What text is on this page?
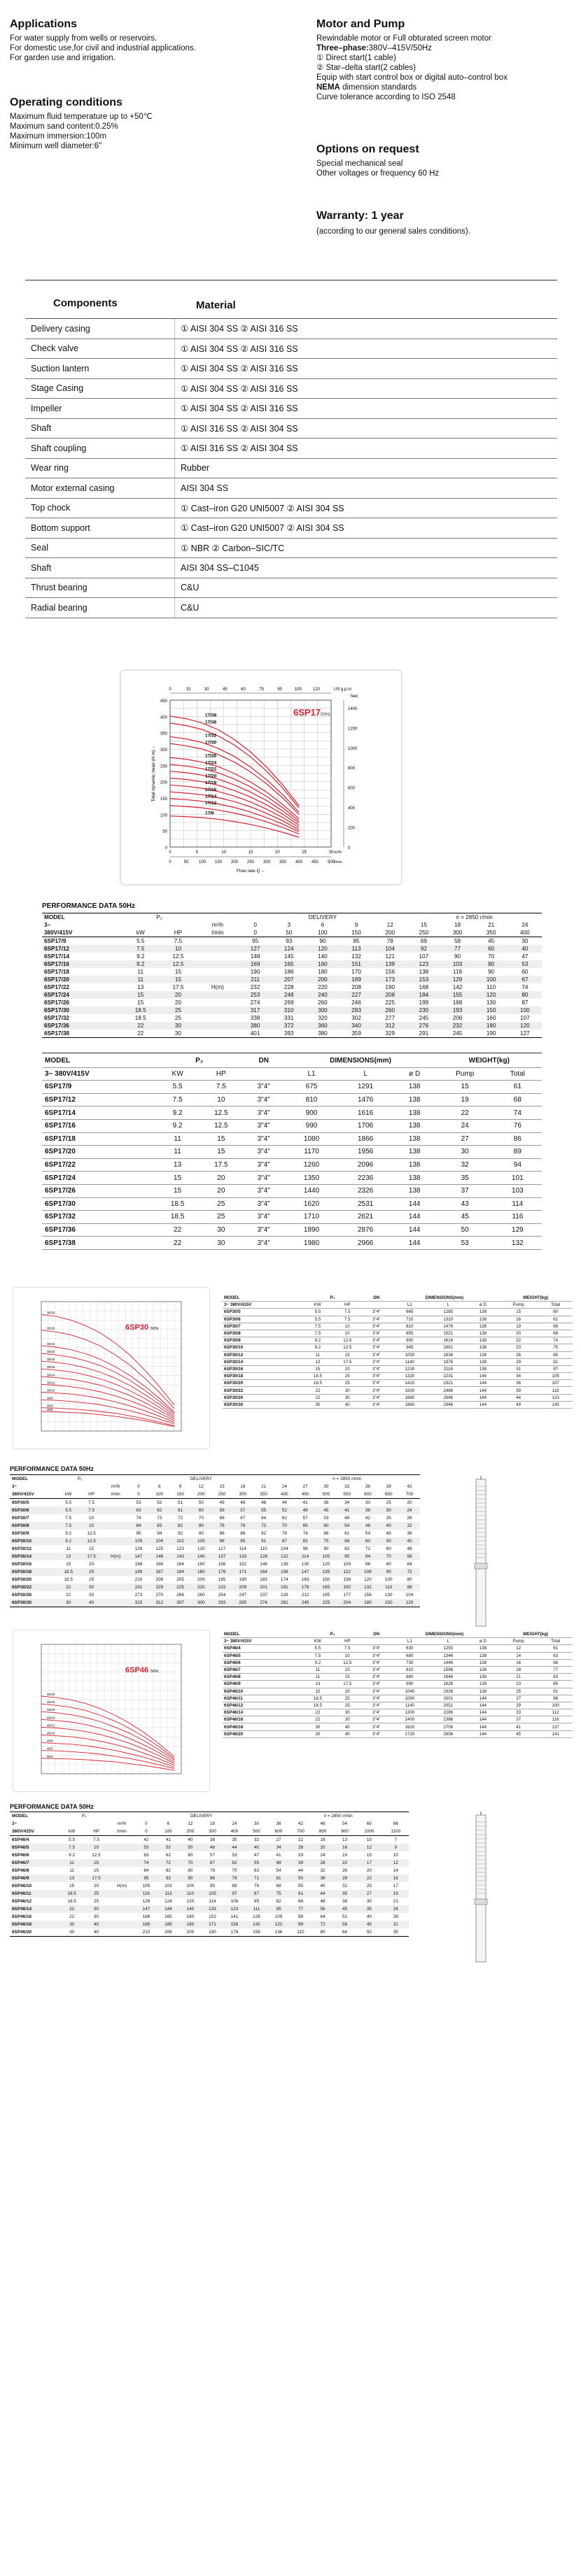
Applications
For water supply from wells or reservoirs.
For domestic use,for civil and industrial applications.
For garden use and irrigation.
Operating conditions
Maximum fluid temperature up to +50℃
Maximum sand content:0.25%
Maximum immersion:100m
Minimum well diameter:6"
Motor and Pump
Rewindable motor or Full obturated screen motor
Three–phase:380V–415V/50Hz
① Direct start(1 cable)
② Star–delta start(2 cables)
Equip with start control box or digital auto–control box
NEMA dimension standards
Curve tolerance according to ISO 2548
Options on request
Special mechanical seal
Other voltages or frequency 60 Hz
Warranty: 1 year
(according to our general sales conditions).
Components	Material
Delivery casing	① AISI 304 SS ② AISI 316 SS
Check valve	① AISI 304 SS ② AISI 316 SS
Suction lantern	① AISI 304 SS ② AISI 316 SS
Stage Casing	① AISI 304 SS ② AISI 316 SS
Impeller	① AISI 304 SS ② AISI 316 SS
Shaft	① AISI 316 SS ② AISI 304 SS
Shaft coupling	① AISI 316 SS ② AISI 304 SS
Wear ring	Rubber
Motor external casing	AISI 304 SS
Top chock	① Cast–iron G20 UNI5007 ② AISI 304 SS
Bottom support	① Cast–iron G20 UNI5007 ② AISI 304 SS
Seal	① NBR ② Carbon–SIC/TC
Shaft	AISI 304 SS–C1045
Thrust bearing	C&U
Radial bearing	C&U
0
50
100
150
200
250
300
350
400
450
0
200
400
600
800
1000
1200
1400
feet
0	15	30	45	60	75	90	105	120	US g.p.m
0	5	10	15	20	25	30 m³/h
0	50 100 150 200 250 300 350 400 450 500
l/min
Flow rate Q→
Total dynamic head (H.m)→
6SP17 50Hz
17/38
17/36
17/32
17/30
17/26
17/24
17/22
17/20
17/18
17/16
17/14
17/12
17/9
PERFORMANCE DATA 50Hz
MODEL	P₂			DELIVERY					n = 2850 r/min			
3~			m³/h	0	3	6	9	12	15	18	21	24
380V/415V	kW	HP	l/min	0	50	100	150	200	250	300	350	400
6SP17/9	5.5	7.5		95	93	90	85	78	69	58	45	30
6SP17/12	7.5	10		127	124	120	113	104	92	77	60	40
6SP17/14	9.2	12.5		148	145	140	132	121	107	90	70	47
6SP17/16	9.2	12.5		169	165	160	151	139	123	103	80	53
6SP17/18	11	15		190	186	180	170	156	138	116	90	60
6SP17/20	11	15		211	207	200	189	173	153	129	100	67
6SP17/22	13	17.5	H(m)	232	228	220	208	190	168	142	110	74
6SP17/24	15	20		253	248	240	227	208	184	155	120	80
6SP17/26	15	20		274	269	260	246	225	199	168	130	87
6SP17/30	18.5	25		317	310	300	283	260	230	193	150	100
6SP17/32	18.5	25		338	331	320	302	277	245	206	160	107
6SP17/36	22	30		380	372	360	340	312	276	232	180	120
6SP17/38	22	30		401	393	380	359	329	291	245	190	127
MODEL	P₂		DN	DIMENSIONS(mm)			WEIGHT(kg)	
3~ 380V/415V	KW	HP		L1	L	ø D	Pump	Total
6SP17/9	5.5	7.5	3"4"	675	1291	138	15	61
6SP17/12	7.5	10	3"4"	810	1476	138	19	68
6SP17/14	9.2	12.5	3"4"	900	1616	138	22	74
6SP17/16	9.2	12.5	3"4"	990	1706	138	24	76
6SP17/18	11	15	3"4"	1080	1866	138	27	86
6SP17/20	11	15	3"4"	1170	1956	138	30	89
6SP17/22	13	17.5	3"4"	1260	2096	138	32	94
6SP17/24	15	20	3"4"	1350	2236	138	35	101
6SP17/26	15	20	3"4"	1440	2326	138	37	103
6SP17/30	18.5	25	3"4"	1620	2531	144	43	114
6SP17/32	18.5	25	3"4"	1710	2621	144	45	116
6SP17/36	22	30	3"4"	1890	2876	144	50	129
6SP17/38	22	30	3"4"	1980	2966	144	53	132
6SP30 50Hz
30/30
30/26
30/22
30/20
30/18
30/16
30/14
30/12
30/10
30/8
30/6
30/5
MODEL	P₂		DN	DIMENSIONS(mm)			WEIGHT(kg)	
3~ 380V/415V	KW	HP		L1	L	ø D	Pump	Total
6SP30/5	5.5	7.5	3"4"	665	1285	138	15	60
6SP30/6	5.5	7.5	3"4"	710	1320	138	16	61
6SP30/7	7.5	10	3"4"	810	1476	138	19	68
6SP30/8	7.5	10	3"4"	855	1521	138	20	69
6SP30/9	9.2	12.5	3"4"	900	1616	138	22	74
6SP30/10	9.2	12.5	3"4"	945	1661	138	23	75
6SP30/12	11	15	3"4"	1050	1836	138	26	85
6SP30/14	13	17.5	3"4"	1140	1976	138	29	91
6SP30/16	15	20	3"4"	1230	2116	138	31	97
6SP30/18	18.5	25	3"4"	1320	2231	144	34	105
6SP30/20	18.5	25	3"4"	1410	2321	144	36	107
6SP30/22	22	30	3"4"	1500	2486	144	39	118
6SP30/26	22	30	3"4"	1680	2666	144	44	123
6SP30/30	30	40	3"4"	1860	2946	144	49	145
PERFORMANCE DATA 50Hz
MODEL	P₂			DELIVERY							n = 2850 r/min						
3~			m³/h	0	6	9	12	15	18	21	24	27	30	33	36	39	42
380V/415V	kW	HP	l/min	0	100	150	200	250	300	350	400	450	500	550	600	650	700
6SP30/5	5.5	7.5		53	52	51	50	49	48	46	44	41	38	34	30	25	20
6SP30/6	5.5	7.5		63	62	61	60	59	57	55	52	49	45	41	36	30	24
6SP30/7	7.5	10		74	73	72	70	68	67	64	61	57	53	48	42	35	28
6SP30/8	7.5	10		84	83	82	80	78	76	73	70	65	60	54	48	40	32
6SP30/9	9.2	12.5		95	94	92	90	88	86	82	78	74	68	61	54	45	36
6SP30/10	9.2	12.5		105	104	102	100	98	95	91	87	82	75	68	60	50	40
6SP30/12	11	15		126	125	123	120	117	114	110	104	98	90	82	72	60	48
6SP30/14	13	17.5	H(m)	147	146	143	140	137	133	128	122	114	105	95	84	70	56
6SP30/16	15	20		168	166	164	160	156	152	146	139	130	120	109	96	80	64
6SP30/18	18.5	25		189	187	184	180	176	171	164	156	147	135	122	108	90	72
6SP30/20	18.5	25		210	208	205	200	195	190	183	174	163	150	136	120	100	80
6SP30/22	22	30		231	229	225	220	215	209	201	191	179	165	150	132	110	88
6SP30/26	22	30		273	270	266	260	254	247	237	226	212	195	177	156	130	104
6SP30/30	30	40		315	312	307	300	293	285	274	261	245	225	204	180	150	120
6SP46 50Hz
46/20
46/18
46/16
46/14
46/12
46/10
46/8
46/6
46/4
MODEL	P₂		DN	DIMENSIONS(mm)			WEIGHT(kg)	
3~ 380V/415V	KW	HP		L1	L	ø D	Pump	Total
6SP46/4	5.5	7.5	3"4"	630	1250	138	12	61
6SP46/5	7.5	10	3"4"	680	1346	138	14	63
6SP46/6	9.2	12.5	3"4"	730	1446	138	16	66
6SP46/7	11	15	3"4"	810	1596	138	18	77
6SP46/8	11	15	3"4"	860	1646	138	21	83
6SP46/9	13	17.5	3"4"	990	1826	138	23	85
6SP46/10	15	20	3"4"	1040	1926	138	25	91
6SP46/11	18.5	25	3"4"	1090	2001	144	27	98
6SP46/12	18.5	25	3"4"	1140	2051	144	29	100
6SP46/14	22	30	3"4"	1300	2286	144	33	112
6SP46/16	22	30	3"4"	1400	2386	144	37	116
6SP46/18	30	40	3"4"	1620	2706	144	41	137
6SP46/20	30	40	3"4"	1720	2806	144	45	141
PERFORMANCE DATA 50Hz
MODEL	P₂			DELIVERY						n = 2850 r/min					
3~			m³/h	0	6	12	18	24	30	36	42	48	54	60	66
380V/415V	kW	HP	l/min	0	100	200	300	400	500	600	700	800	900	1000	1100
6SP46/4	5.5	7.5		42	41	40	38	35	32	27	22	16	13	10	7
6SP46/5	7.5	10		53	52	50	48	44	40	34	28	20	16	12	9
6SP46/6	9.2	12.5		63	62	60	57	53	47	41	33	24	19	15	10
6SP46/7	11	15		74	72	70	67	62	55	48	39	28	22	17	12
6SP46/8	11	15		84	82	80	76	70	63	54	44	32	26	20	14
6SP46/9	13	17.5		95	93	90	86	79	71	61	50	36	29	22	16
6SP46/10	15	20	H(m)	105	103	100	95	88	79	68	55	40	32	25	17
6SP46/11	18.5	25		116	113	110	105	97	87	75	61	44	35	27	19
6SP46/12	18.5	25		126	124	120	114	106	95	82	66	48	38	30	21
6SP46/14	22	30		147	144	140	133	123	111	95	77	56	45	35	24
6SP46/16	22	30		168	165	160	152	141	126	109	88	64	51	40	28
6SP46/18	30	40		189	185	180	171	158	142	122	99	72	58	45	31
6SP46/20	30	40		210	206	200	190	176	158	136	110	80	64	50	35
